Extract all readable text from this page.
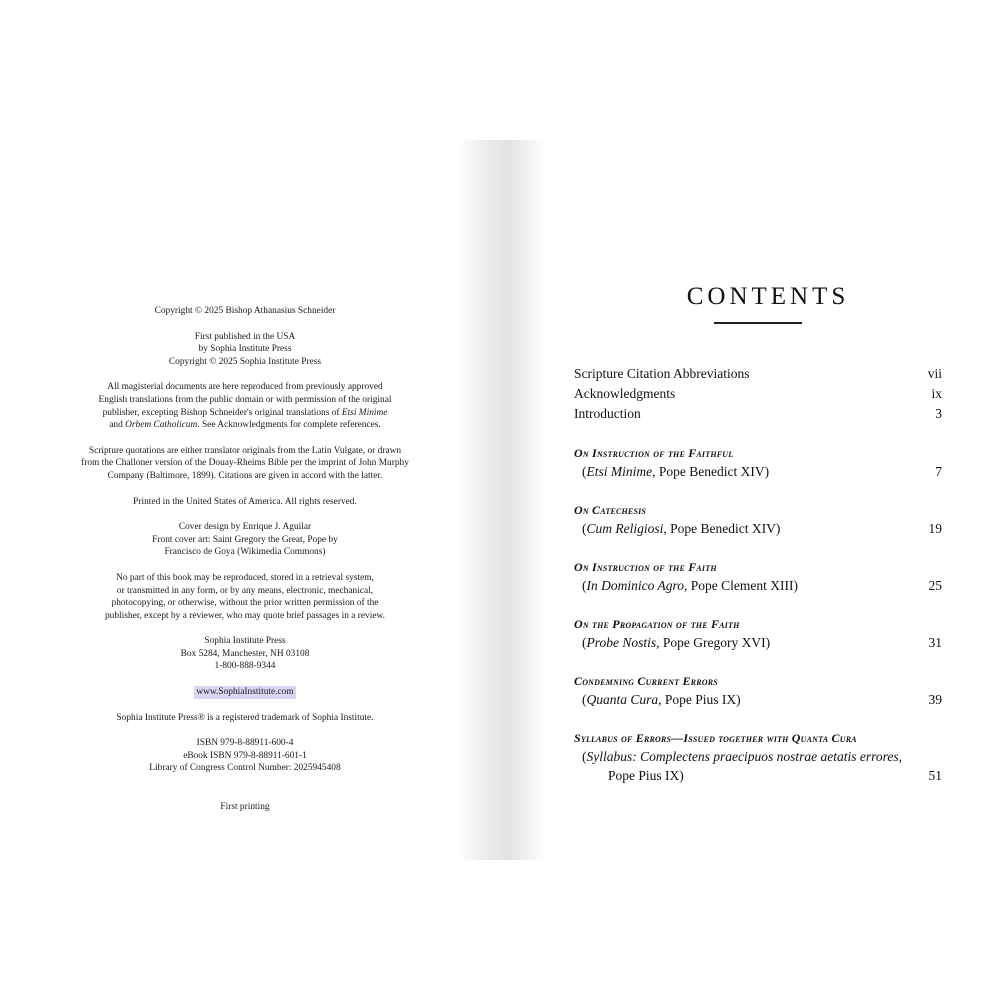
Copyright © 2025 Bishop Athanasius Schneider

First published in the USA
by Sophia Institute Press
Copyright © 2025 Sophia Institute Press

All magisterial documents are here reproduced from previously approved
English translations from the public domain or with permission of the original
publisher, excepting Bishop Schneider's original translations of Etsi Minime
and Orbem Catholicum. See Acknowledgments for complete references.

Scripture quotations are either translator originals from the Latin Vulgate, or drawn
from the Challoner version of the Douay-Rheims Bible per the imprint of John Murphy
Company (Baltimore, 1899). Citations are given in accord with the latter.

Printed in the United States of America. All rights reserved.

Cover design by Enrique J. Aguilar
Front cover art: Saint Gregory the Great, Pope by
Francisco de Goya (Wikimedia Commons)

No part of this book may be reproduced, stored in a retrieval system,
or transmitted in any form, or by any means, electronic, mechanical,
photocopying, or otherwise, without the prior written permission of the
publisher, except by a reviewer, who may quote brief passages in a review.

Sophia Institute Press
Box 5284, Manchester, NH 03108
1-800-888-9344

www.SophiaInstitute.com

Sophia Institute Press® is a registered trademark of Sophia Institute.

ISBN 979-8-88911-600-4
eBook ISBN 979-8-88911-601-1
Library of Congress Control Number: 2025945408

First printing

CONTENTS
Scripture Citation Abbreviations	vii
Acknowledgments	ix
Introduction	3
On Instruction of the Faithful
(Etsi Minime, Pope Benedict XIV)	7
On Catechesis
(Cum Religiosi, Pope Benedict XIV)	19
On Instruction of the Faith
(In Dominico Agro, Pope Clement XIII)	25
On the Propagation of the Faith
(Probe Nostis, Pope Gregory XVI)	31
Condemning Current Errors
(Quanta Cura, Pope Pius IX)	39
Syllabus of Errors—Issued together with Quanta Cura
(Syllabus: Complectens praecipuos nostrae aetatis errores,
Pope Pius IX)	51
